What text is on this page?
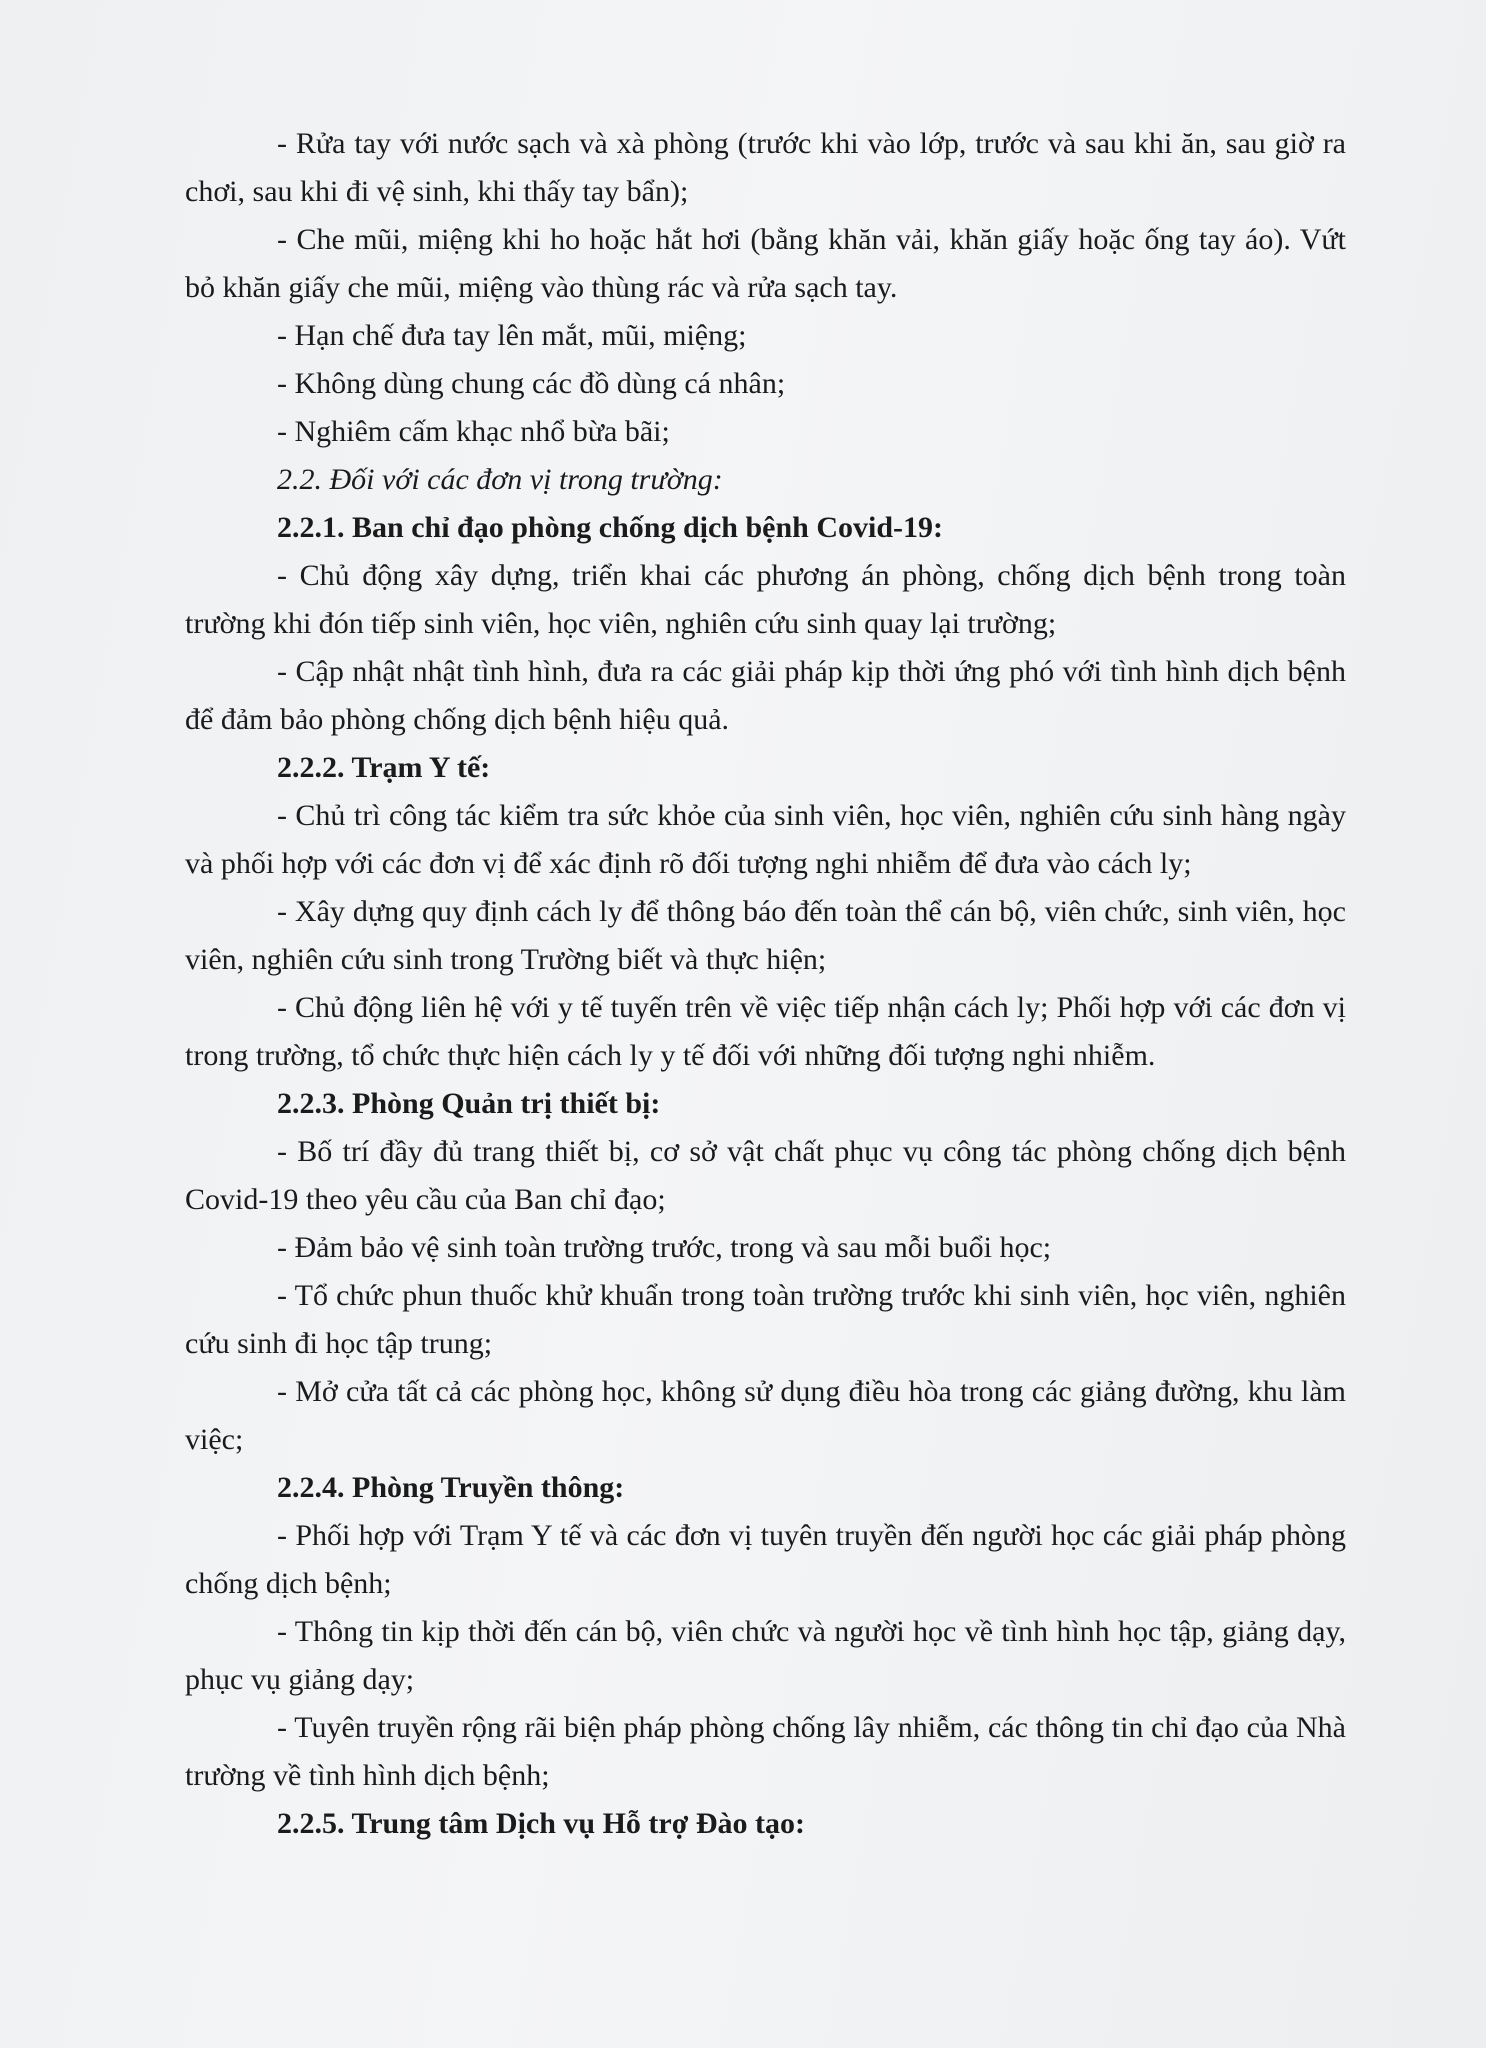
- Rửa tay với nước sạch và xà phòng (trước khi vào lớp, trước và sau khi ăn, sau giờ ra chơi, sau khi đi vệ sinh, khi thấy tay bẩn);

- Che mũi, miệng khi ho hoặc hắt hơi (bằng khăn vải, khăn giấy hoặc ống tay áo). Vứt bỏ khăn giấy che mũi, miệng vào thùng rác và rửa sạch tay.

- Hạn chế đưa tay lên mắt, mũi, miệng;

- Không dùng chung các đồ dùng cá nhân;

- Nghiêm cấm khạc nhổ bừa bãi;

2.2. Đối với các đơn vị trong trường:

2.2.1. Ban chỉ đạo phòng chống dịch bệnh Covid-19:

- Chủ động xây dựng, triển khai các phương án phòng, chống dịch bệnh trong toàn trường khi đón tiếp sinh viên, học viên, nghiên cứu sinh quay lại trường;

- Cập nhật nhật tình hình, đưa ra các giải pháp kịp thời ứng phó với tình hình dịch bệnh để đảm bảo phòng chống dịch bệnh hiệu quả.

2.2.2. Trạm Y tế:

- Chủ trì công tác kiểm tra sức khỏe của sinh viên, học viên, nghiên cứu sinh hàng ngày và phối hợp với các đơn vị để xác định rõ đối tượng nghi nhiễm để đưa vào cách ly;

- Xây dựng quy định cách ly để thông báo đến toàn thể cán bộ, viên chức, sinh viên, học viên, nghiên cứu sinh trong Trường biết và thực hiện;

- Chủ động liên hệ với y tế tuyến trên về việc tiếp nhận cách ly; Phối hợp với các đơn vị trong trường, tổ chức thực hiện cách ly y tế đối với những đối tượng nghi nhiễm.

2.2.3. Phòng Quản trị thiết bị:

- Bố trí đầy đủ trang thiết bị, cơ sở vật chất phục vụ công tác phòng chống dịch bệnh Covid-19 theo yêu cầu của Ban chỉ đạo;

- Đảm bảo vệ sinh toàn trường trước, trong và sau mỗi buổi học;

- Tổ chức phun thuốc khử khuẩn trong toàn trường trước khi sinh viên, học viên, nghiên cứu sinh đi học tập trung;

- Mở cửa tất cả các phòng học, không sử dụng điều hòa trong các giảng đường, khu làm việc;

2.2.4. Phòng Truyền thông:

- Phối hợp với Trạm Y tế và các đơn vị tuyên truyền đến người học các giải pháp phòng chống dịch bệnh;

- Thông tin kịp thời đến cán bộ, viên chức và người học về tình hình học tập, giảng dạy, phục vụ giảng dạy;

- Tuyên truyền rộng rãi biện pháp phòng chống lây nhiễm, các thông tin chỉ đạo của Nhà trường về tình hình dịch bệnh;

2.2.5. Trung tâm Dịch vụ Hỗ trợ Đào tạo:
